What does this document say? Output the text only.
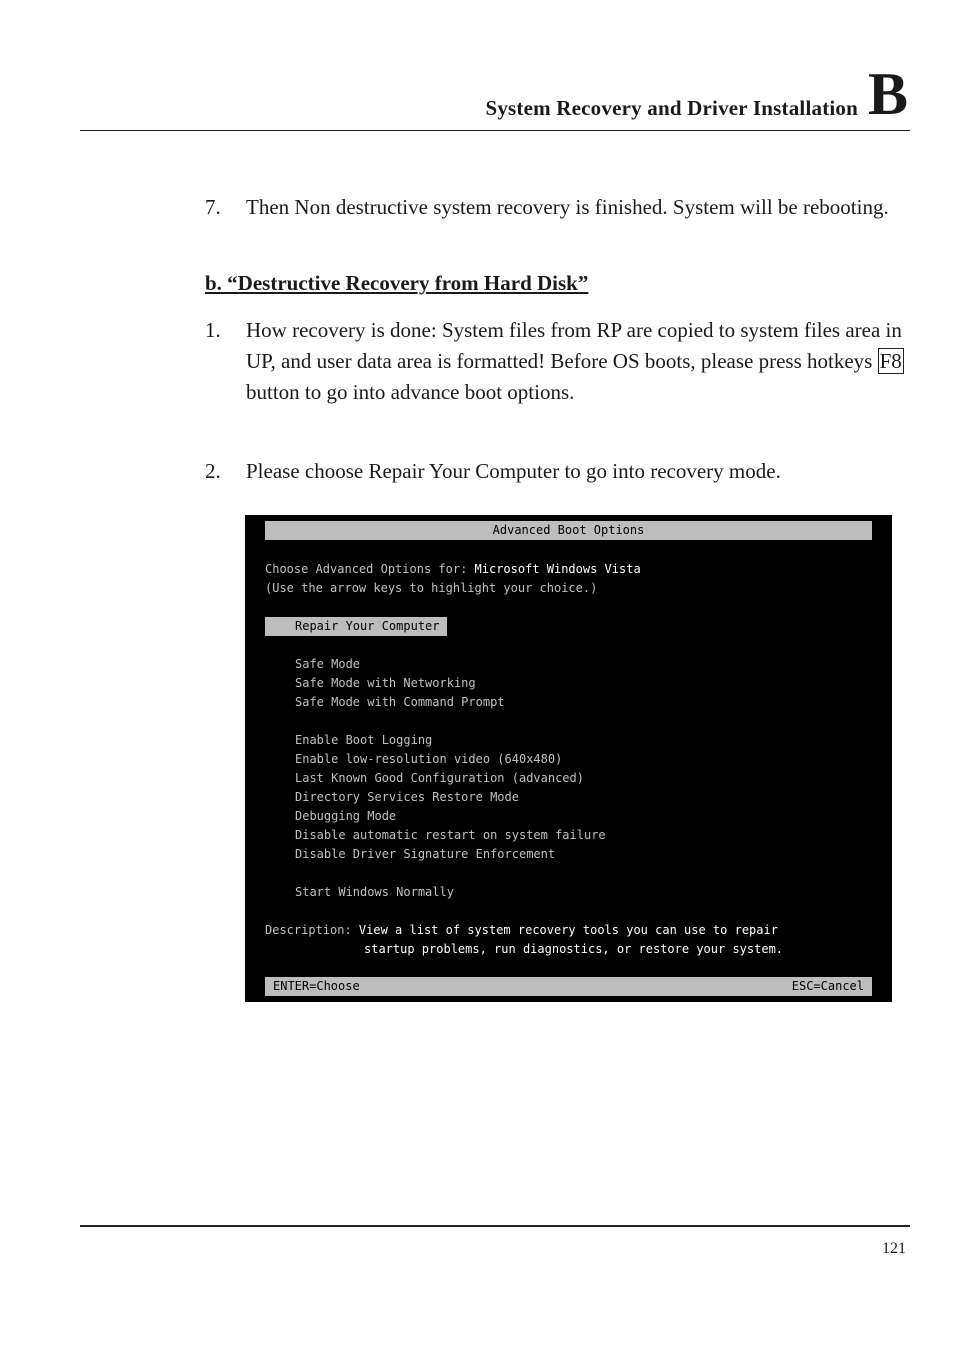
System Recovery and Driver Installation B
7. Then Non destructive system recovery is finished. System will be rebooting.
b. “Destructive Recovery from Hard Disk”
1. How recovery is done: System files from RP are copied to system files area in UP, and user data area is formatted! Before OS boots, please press hotkeys F8 button to go into advance boot options.
2. Please choose Repair Your Computer to go into recovery mode.
Advanced Boot Options
Choose Advanced Options for: Microsoft Windows Vista
(Use the arrow keys to highlight your choice.)
Repair Your Computer
Safe Mode
Safe Mode with Networking
Safe Mode with Command Prompt
Enable Boot Logging
Enable low-resolution video (640x480)
Last Known Good Configuration (advanced)
Directory Services Restore Mode
Debugging Mode
Disable automatic restart on system failure
Disable Driver Signature Enforcement
Start Windows Normally
Description: View a list of system recovery tools you can use to repair
startup problems, run diagnostics, or restore your system.
ENTER=Choose	ESC=Cancel
121
